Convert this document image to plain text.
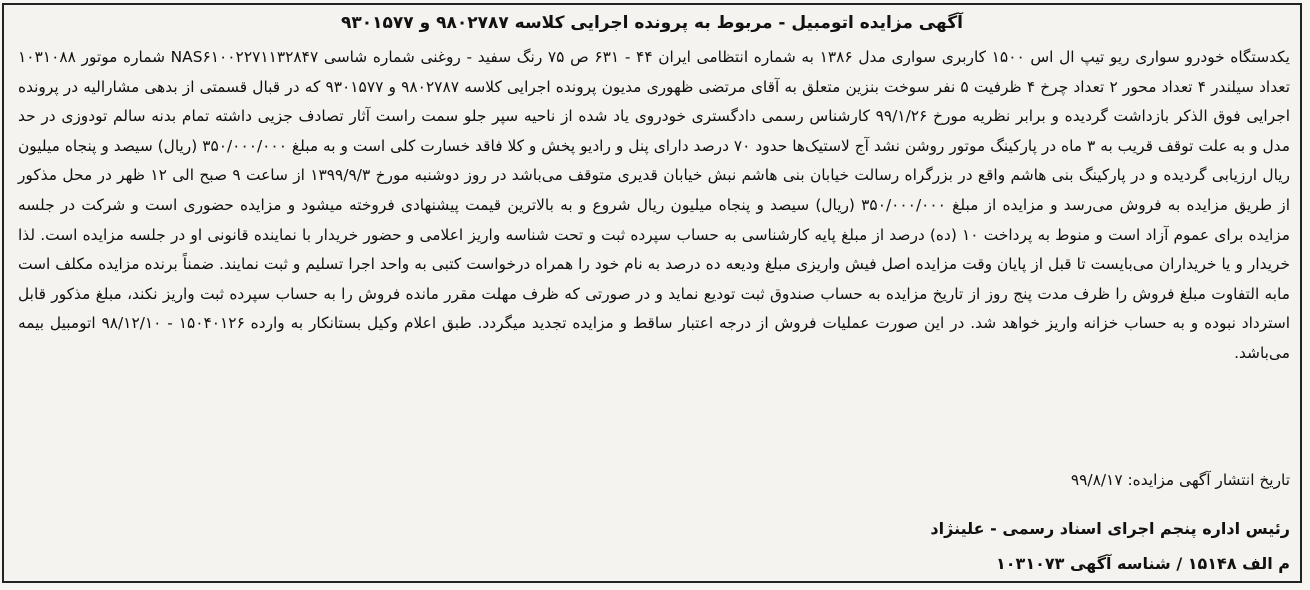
آگهی مزایده اتومبیل - مربوط به پرونده اجرایی کلاسه ۹۸۰۲۷۸۷ و ۹۳۰۱۵۷۷
یکدستگاه خودرو سواری ریو تیپ ال اس ۱۵۰۰ کاربری سواری مدل ۱۳۸۶ به شماره انتظامی ایران ۴۴ - ۶۳۱ ص ۷۵ رنگ سفید - روغنی شماره شاسی NAS۶۱۰۰۲۲۷۱۱۳۲۸۴۷ شماره موتور ۱۰۳۱۰۸۸ تعداد سیلندر ۴ تعداد محور ۲ تعداد چرخ ۴ ظرفیت ۵ نفر سوخت بنزین متعلق به آقای مرتضی ظهوری مدیون پرونده اجرایی کلاسه ۹۸۰۲۷۸۷ و ۹۳۰۱۵۷۷ که در قبال قسمتی از بدهی مشارالیه در پرونده اجرایی فوق الذکر بازداشت گردیده و برابر نظریه مورخ ۹۹/۱/۲۶ کارشناس رسمی دادگستری خودروی یاد شده از ناحیه سپر جلو سمت راست آثار تصادف جزیی داشته تمام بدنه سالم تودوزی در حد مدل و به علت توقف قریب به ۳ ماه در پارکینگ موتور روشن نشد آج لاستیک‌ها حدود ۷۰ درصد دارای پنل و رادیو پخش و کلا فاقد خسارت کلی است و به مبلغ ۳۵۰/۰۰۰/۰۰۰ (ریال) سیصد و پنجاه میلیون ریال ارزیابی گردیده و در پارکینگ بنی هاشم واقع در بزرگراه رسالت خیابان بنی هاشم نبش خیابان قدیری متوقف می‌باشد در روز دوشنبه مورخ ۱۳۹۹/۹/۳ از ساعت ۹ صبح الی ۱۲ ظهر در محل مذکور از طریق مزایده به فروش می‌رسد و مزایده از مبلغ ۳۵۰/۰۰۰/۰۰۰ (ریال) سیصد و پنجاه میلیون ریال شروع و به بالاترین قیمت پیشنهادی فروخته میشود و مزایده حضوری است و شرکت در جلسه مزایده برای عموم آزاد است و منوط به پرداخت ۱۰ (ده) درصد از مبلغ پایه کارشناسی به حساب سپرده ثبت و تحت شناسه واریز اعلامی و حضور خریدار با نماینده قانونی او در جلسه مزایده است. لذا خریدار و یا خریداران می‌بایست تا قبل از پایان وقت مزایده اصل فیش واریزی مبلغ ودیعه ده درصد به نام خود را همراه درخواست کتبی به واحد اجرا تسلیم و ثبت نمایند. ضمناً برنده مزایده مکلف است مابه التفاوت مبلغ فروش را ظرف مدت پنج روز از تاریخ مزایده به حساب صندوق ثبت تودیع نماید و در صورتی که ظرف مهلت مقرر مانده فروش را به حساب سپرده ثبت واریز نکند، مبلغ مذکور قابل استرداد نبوده و به حساب خزانه واریز خواهد شد. در این صورت عملیات فروش از درجه اعتبار ساقط و مزایده تجدید میگردد. طبق اعلام وکیل بستانکار به وارده ۱۵۰۴۰۱۲۶ - ۹۸/۱۲/۱۰ اتومبیل بیمه می‌باشد.
تاریخ انتشار آگهی مزایده: ۹۹/۸/۱۷
رئیس اداره پنجم اجرای اسناد رسمی - علینژاد
م الف ۱۵۱۴۸ / شناسه آگهی ۱۰۳۱۰۷۳
